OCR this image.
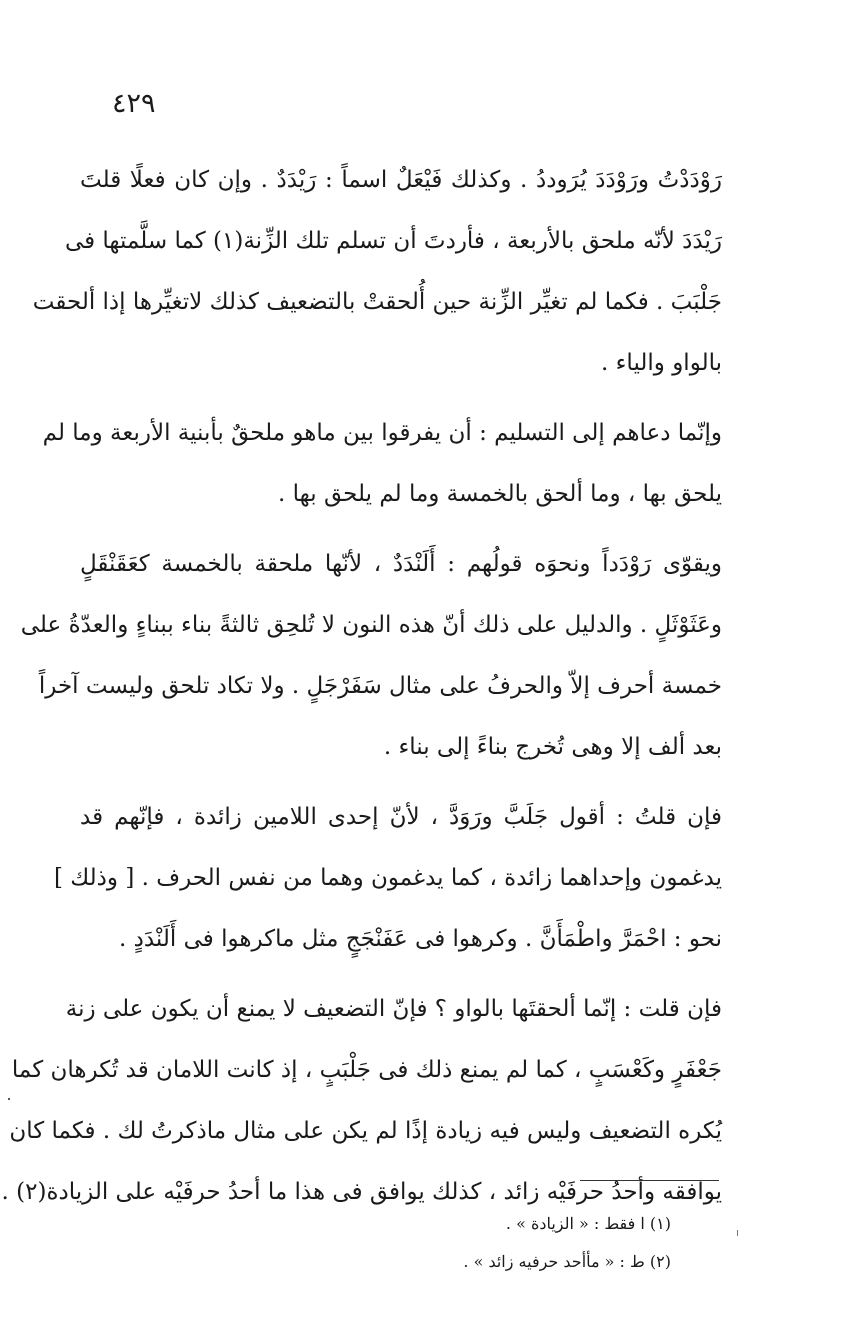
٤٢٩
رَوْدَدْتُ ورَوْدَدَ يُرَوددُ . وكذلك فَيْعَلٌ اسماً : رَيْدَدٌ . وإن كان فعلًا قلتَ
رَيْدَدَ لأنّه ملحق بالأربعة ، فأردتَ أن تسلم تلك الزِّنة(١) كما سلَّمتها فى
جَلْبَبَ . فكما لم تغيِّر الزِّنة حين أُلحقتْ بالتضعيف كذلك لاتغيِّرها إذا ألحقت
بالواو والياء .
وإنّما دعاهم إلى التسليم : أن يفرقوا بين ماهو ملحقٌ بأبنية الأربعة وما لم
يلحق بها ، وما ألحق بالخمسة وما لم يلحق بها .
ويقوّى رَوْدَداً ونحوَه قولُهم : أَلَنْدَدٌ ، لأنّها ملحقة بالخمسة كعَقَنْقَلٍ
وعَثَوْثَلٍ . والدليل على ذلك أنّ هذه النون لا تُلحِق ثالثةً بناء ببناءٍ والعدّةُ على
خمسة أحرف إلاّ والحرفُ على مثال سَفَرْجَلٍ . ولا تكاد تلحق وليست آخراً
بعد ألف إلا وهى تُخرج بناءً إلى بناء .
فإن قلتُ : أقول جَلَبَّ ورَوَدَّ ، لأنّ إحدى اللامين زائدة ، فإنّهم قد
يدغمون وإحداهما زائدة ، كما يدغمون وهما من نفس الحرف . [ وذلك ]
نحو : احْمَرَّ واطْمَأَنَّ . وكرهوا فى عَفَنْجَجٍ مثل ماكرهوا فى أَلَنْدَدٍ .
فإن قلت : إنّما ألحقتَها بالواو ؟ فإنّ التضعيف لا يمنع أن يكون على زنة
جَعْفَرٍ وكَعْسَبٍ ، كما لم يمنع ذلك فى جَلْبَبٍ ، إذ كانت اللامان قد تُكرهان كما
يُكره التضعيف وليس فيه زيادة إذًا لم يكن على مثال ماذكرتُ لك . فكما كان
يوافقه وأحدُ حرفَيْه زائد ، كذلك يوافق فى هذا ما أحدُ حرفَيْه على الزيادة(٢) .
(١) ا فقط : « الزيادة » .
(٢) ط : « مأأحد حرفيه زائد » .
